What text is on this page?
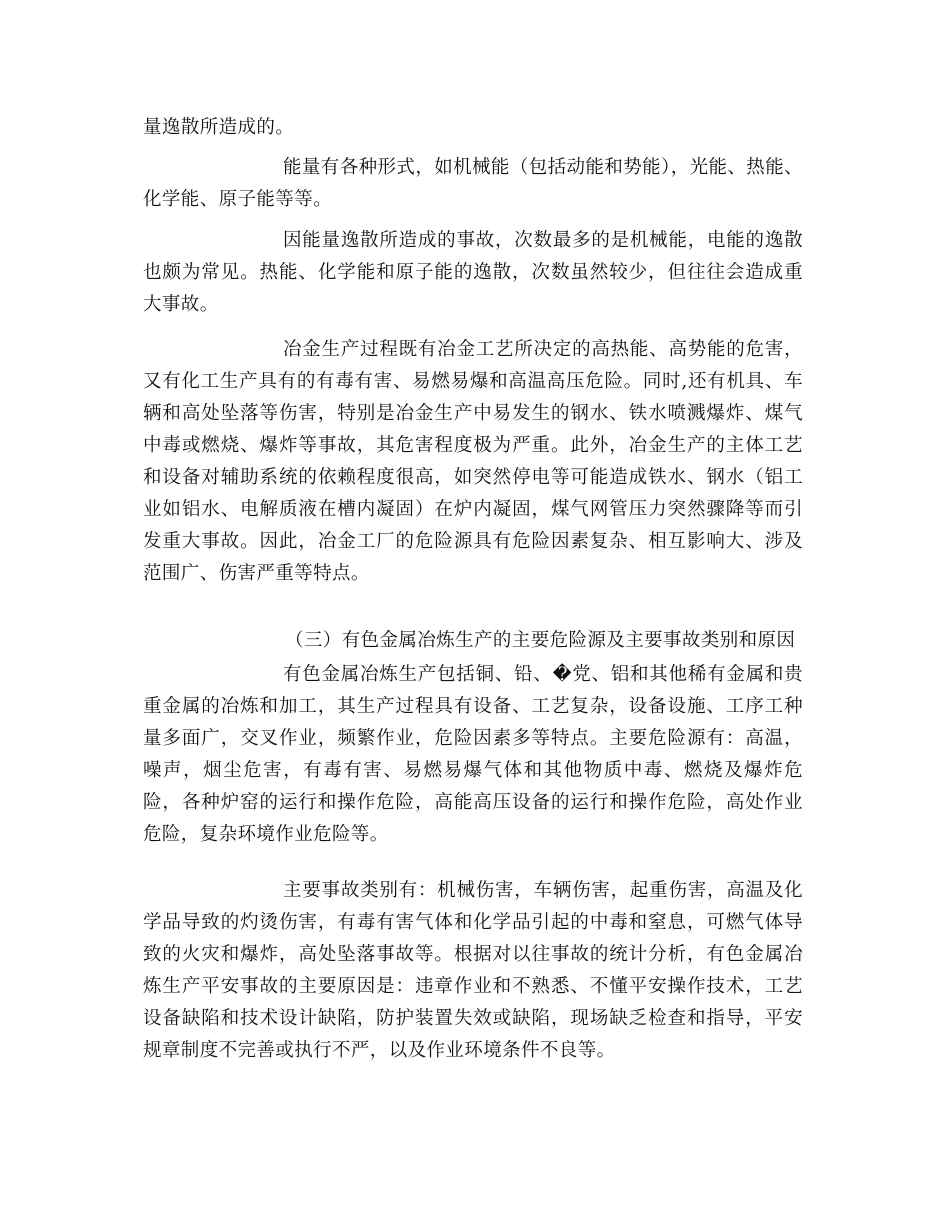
量逸散所造成的。

能量有各种形式，如机械能（包括动能和势能），光能、热能、化学能、原子能等等。

因能量逸散所造成的事故，次数最多的是机械能，电能的逸散也颇为常见。热能、化学能和原子能的逸散，次数虽然较少，但往往会造成重大事故。

冶金生产过程既有冶金工艺所决定的高热能、高势能的危害，又有化工生产具有的有毒有害、易燃易爆和高温高压危险。同时,还有机具、车辆和高处坠落等伤害，特别是冶金生产中易发生的钢水、铁水喷溅爆炸、煤气中毒或燃烧、爆炸等事故，其危害程度极为严重。此外，冶金生产的主体工艺和设备对辅助系统的依赖程度很高，如突然停电等可能造成铁水、钢水（铝工业如铝水、电解质液在槽内凝固）在炉内凝固，煤气网管压力突然骤降等而引发重大事故。因此，冶金工厂的危险源具有危险因素复杂、相互影响大、涉及范围广、伤害严重等特点。

（三）有色金属冶炼生产的主要危险源及主要事故类别和原因

有色金属冶炼生产包括铜、铅、�党、铝和其他稀有金属和贵重金属的冶炼和加工，其生产过程具有设备、工艺复杂，设备设施、工序工种量多面广，交叉作业，频繁作业，危险因素多等特点。主要危险源有：高温，噪声，烟尘危害，有毒有害、易燃易爆气体和其他物质中毒、燃烧及爆炸危险，各种炉窑的运行和操作危险，高能高压设备的运行和操作危险，高处作业危险，复杂环境作业危险等。

主要事故类别有：机械伤害，车辆伤害，起重伤害，高温及化学品导致的灼烫伤害，有毒有害气体和化学品引起的中毒和窒息，可燃气体导致的火灾和爆炸，高处坠落事故等。根据对以往事故的统计分析，有色金属冶炼生产平安事故的主要原因是：违章作业和不熟悉、不懂平安操作技术，工艺设备缺陷和技术设计缺陷，防护装置失效或缺陷，现场缺乏检查和指导，平安规章制度不完善或执行不严，以及作业环境条件不良等。
